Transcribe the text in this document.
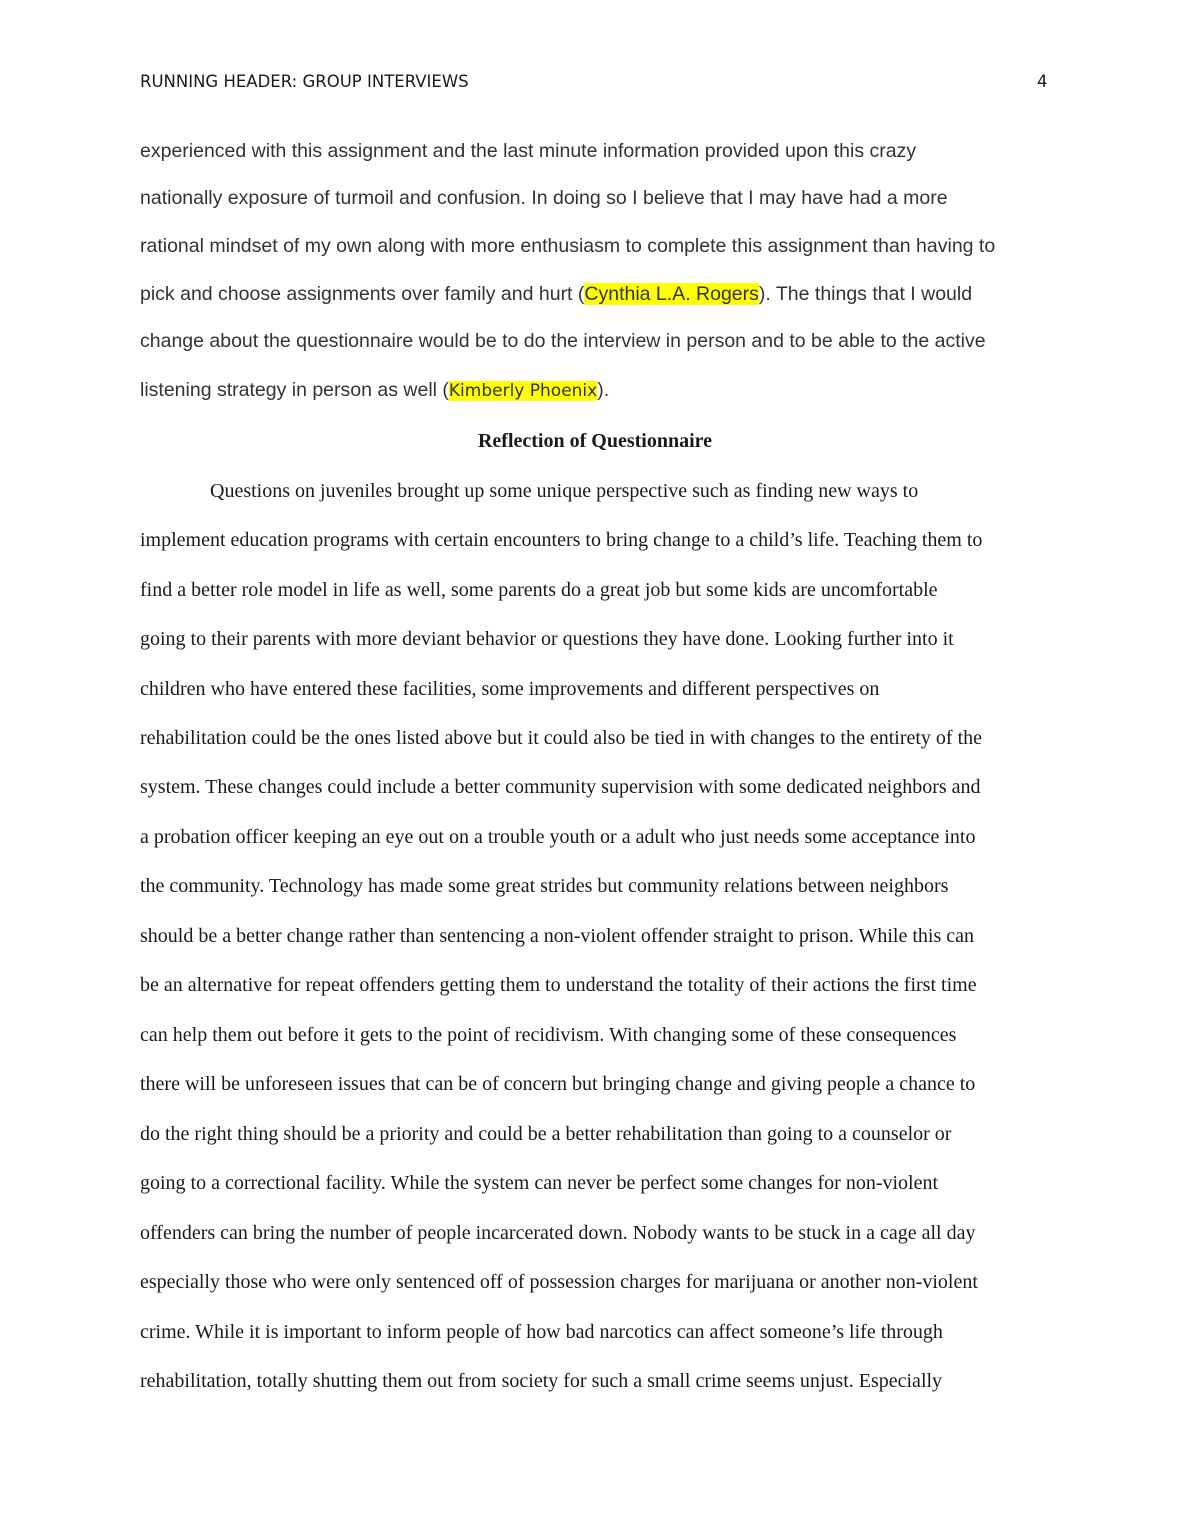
RUNNING HEADER: GROUP INTERVIEWS	4
experienced with this assignment and the last minute information provided upon this crazy
nationally exposure of turmoil and confusion. In doing so I believe that I may have had a more
rational mindset of my own along with more enthusiasm to complete this assignment than having to
pick and choose assignments over family and hurt (Cynthia L.A. Rogers). The things that I would
change about the questionnaire would be to do the interview in person and to be able to the active
listening strategy in person as well (Kimberly Phoenix).
Reflection of Questionnaire
Questions on juveniles brought up some unique perspective such as finding new ways to
implement education programs with certain encounters to bring change to a child’s life. Teaching them to
find a better role model in life as well, some parents do a great job but some kids are uncomfortable
going to their parents with more deviant behavior or questions they have done. Looking further into it
children who have entered these facilities, some improvements and different perspectives on
rehabilitation could be the ones listed above but it could also be tied in with changes to the entirety of the
system. These changes could include a better community supervision with some dedicated neighbors and
a probation officer keeping an eye out on a trouble youth or a adult who just needs some acceptance into
the community. Technology has made some great strides but community relations between neighbors
should be a better change rather than sentencing a non-violent offender straight to prison. While this can
be an alternative for repeat offenders getting them to understand the totality of their actions the first time
can help them out before it gets to the point of recidivism. With changing some of these consequences
there will be unforeseen issues that can be of concern but bringing change and giving people a chance to
do the right thing should be a priority and could be a better rehabilitation than going to a counselor or
going to a correctional facility. While the system can never be perfect some changes for non-violent
offenders can bring the number of people incarcerated down. Nobody wants to be stuck in a cage all day
especially those who were only sentenced off of possession charges for marijuana or another non-violent
crime. While it is important to inform people of how bad narcotics can affect someone’s life through
rehabilitation, totally shutting them out from society for such a small crime seems unjust. Especially
